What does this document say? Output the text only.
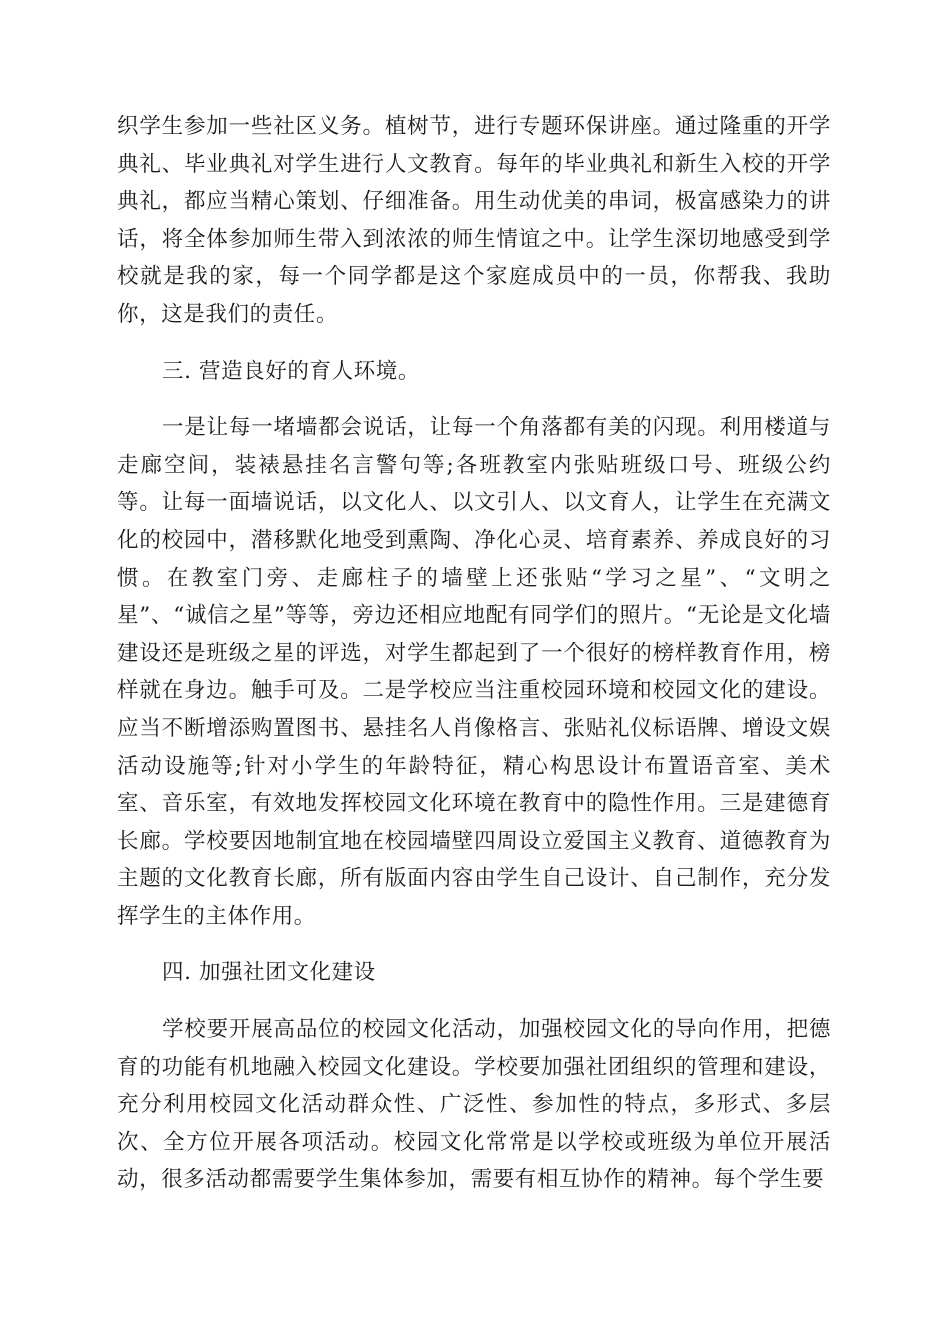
织学生参加一些社区义务。植树节，进行专题环保讲座。通过隆重的开学典礼、毕业典礼对学生进行人文教育。每年的毕业典礼和新生入校的开学典礼，都应当精心策划、仔细准备。用生动优美的串词，极富感染力的讲话，将全体参加师生带入到浓浓的师生情谊之中。让学生深切地感受到学校就是我的家，每一个同学都是这个家庭成员中的一员，你帮我、我助你，这是我们的责任。

三. 营造良好的育人环境。

一是让每一堵墙都会说话，让每一个角落都有美的闪现。利用楼道与走廊空间，装裱悬挂名言警句等;各班教室内张贴班级口号、班级公约等。让每一面墙说话，以文化人、以文引人、以文育人，让学生在充满文化的校园中，潜移默化地受到熏陶、净化心灵、培育素养、养成良好的习惯。在教室门旁、走廊柱子的墙壁上还张贴“学习之星”、“文明之星”、“诚信之星”等等，旁边还相应地配有同学们的照片。“无论是文化墙建设还是班级之星的评选，对学生都起到了一个很好的榜样教育作用，榜样就在身边。触手可及。二是学校应当注重校园环境和校园文化的建设。应当不断增添购置图书、悬挂名人肖像格言、张贴礼仪标语牌、增设文娱活动设施等;针对小学生的年龄特征，精心构思设计布置语音室、美术室、音乐室，有效地发挥校园文化环境在教育中的隐性作用。三是建德育长廊。学校要因地制宜地在校园墙壁四周设立爱国主义教育、道德教育为主题的文化教育长廊，所有版面内容由学生自己设计、自己制作，充分发挥学生的主体作用。

四. 加强社团文化建设

学校要开展高品位的校园文化活动，加强校园文化的导向作用，把德育的功能有机地融入校园文化建设。学校要加强社团组织的管理和建设，充分利用校园文化活动群众性、广泛性、参加性的特点，多形式、多层次、全方位开展各项活动。校园文化常常是以学校或班级为单位开展活动，很多活动都需要学生集体参加，需要有相互协作的精神。每个学生要
